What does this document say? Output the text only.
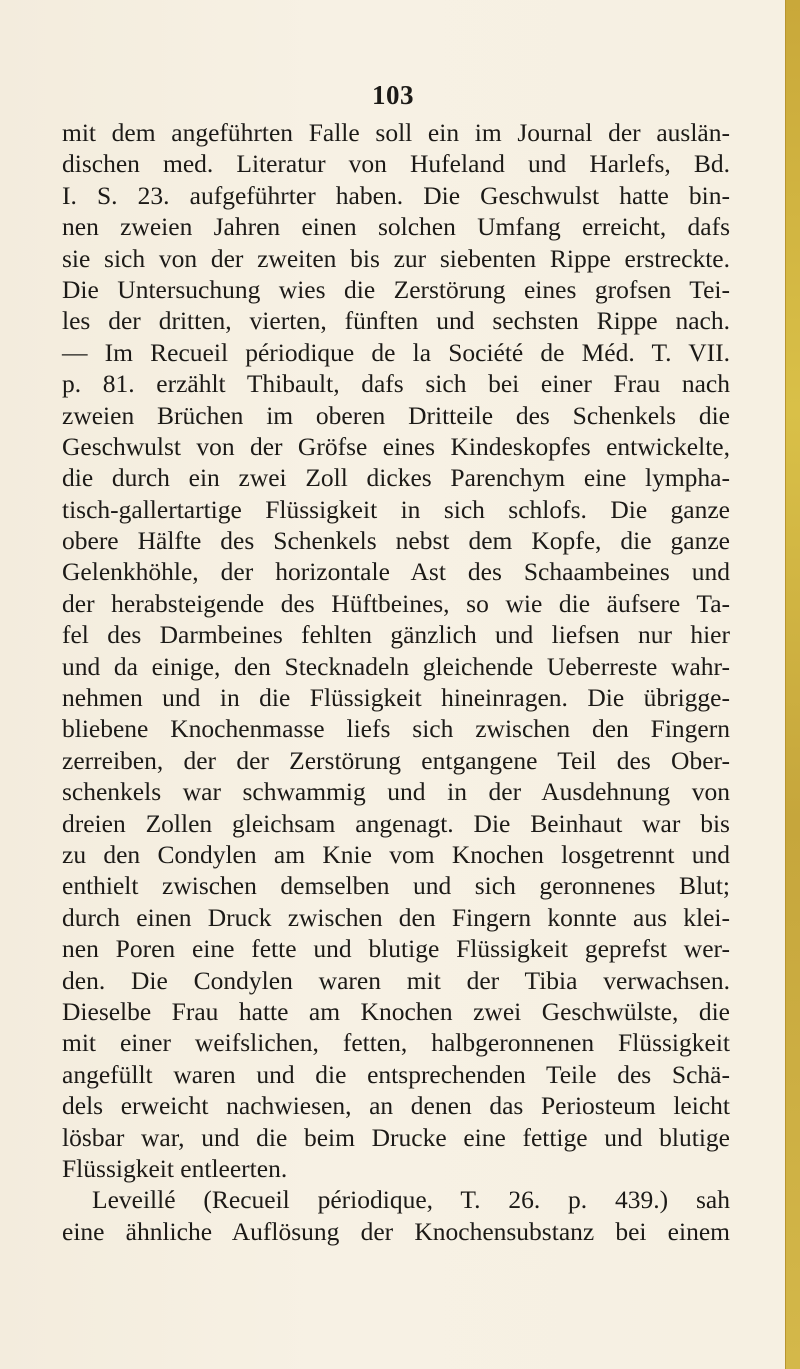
103
mit dem angeführten Falle soll ein im Journal der auslän-
dischen med. Literatur von Hufeland und Harlefs, Bd.
I. S. 23. aufgeführter haben. Die Geschwulst hatte bin-
nen zweien Jahren einen solchen Umfang erreicht, dafs
sie sich von der zweiten bis zur siebenten Rippe erstreckte.
Die Untersuchung wies die Zerstörung eines grofsen Tei-
les der dritten, vierten, fünften und sechsten Rippe nach.
— Im Recueil périodique de la Société de Méd. T. VII.
p. 81. erzählt Thibault, dafs sich bei einer Frau nach
zweien Brüchen im oberen Dritteile des Schenkels die
Geschwulst von der Gröfse eines Kindeskopfes entwickelte,
die durch ein zwei Zoll dickes Parenchym eine lympha-
tisch-gallertartige Flüssigkeit in sich schlofs. Die ganze
obere Hälfte des Schenkels nebst dem Kopfe, die ganze
Gelenkhöhle, der horizontale Ast des Schaambeines und
der herabsteigende des Hüftbeines, so wie die äufsere Ta-
fel des Darmbeines fehlten gänzlich und liefsen nur hier
und da einige, den Stecknadeln gleichende Ueberreste wahr-
nehmen und in die Flüssigkeit hineinragen. Die übrigge-
bliebene Knochenmasse liefs sich zwischen den Fingern
zerreiben, der der Zerstörung entgangene Teil des Ober-
schenkels war schwammig und in der Ausdehnung von
dreien Zollen gleichsam angenagt. Die Beinhaut war bis
zu den Condylen am Knie vom Knochen losgetrennt und
enthielt zwischen demselben und sich geronnenes Blut;
durch einen Druck zwischen den Fingern konnte aus klei-
nen Poren eine fette und blutige Flüssigkeit geprefst wer-
den. Die Condylen waren mit der Tibia verwachsen.
Dieselbe Frau hatte am Knochen zwei Geschwülste, die
mit einer weifslichen, fetten, halbgeronnenen Flüssigkeit
angefüllt waren und die entsprechenden Teile des Schä-
dels erweicht nachwiesen, an denen das Periosteum leicht
lösbar war, und die beim Drucke eine fettige und blutige
Flüssigkeit entleerten.
Leveillé (Recueil périodique, T. 26. p. 439.) sah
eine ähnliche Auflösung der Knochensubstanz bei einem
